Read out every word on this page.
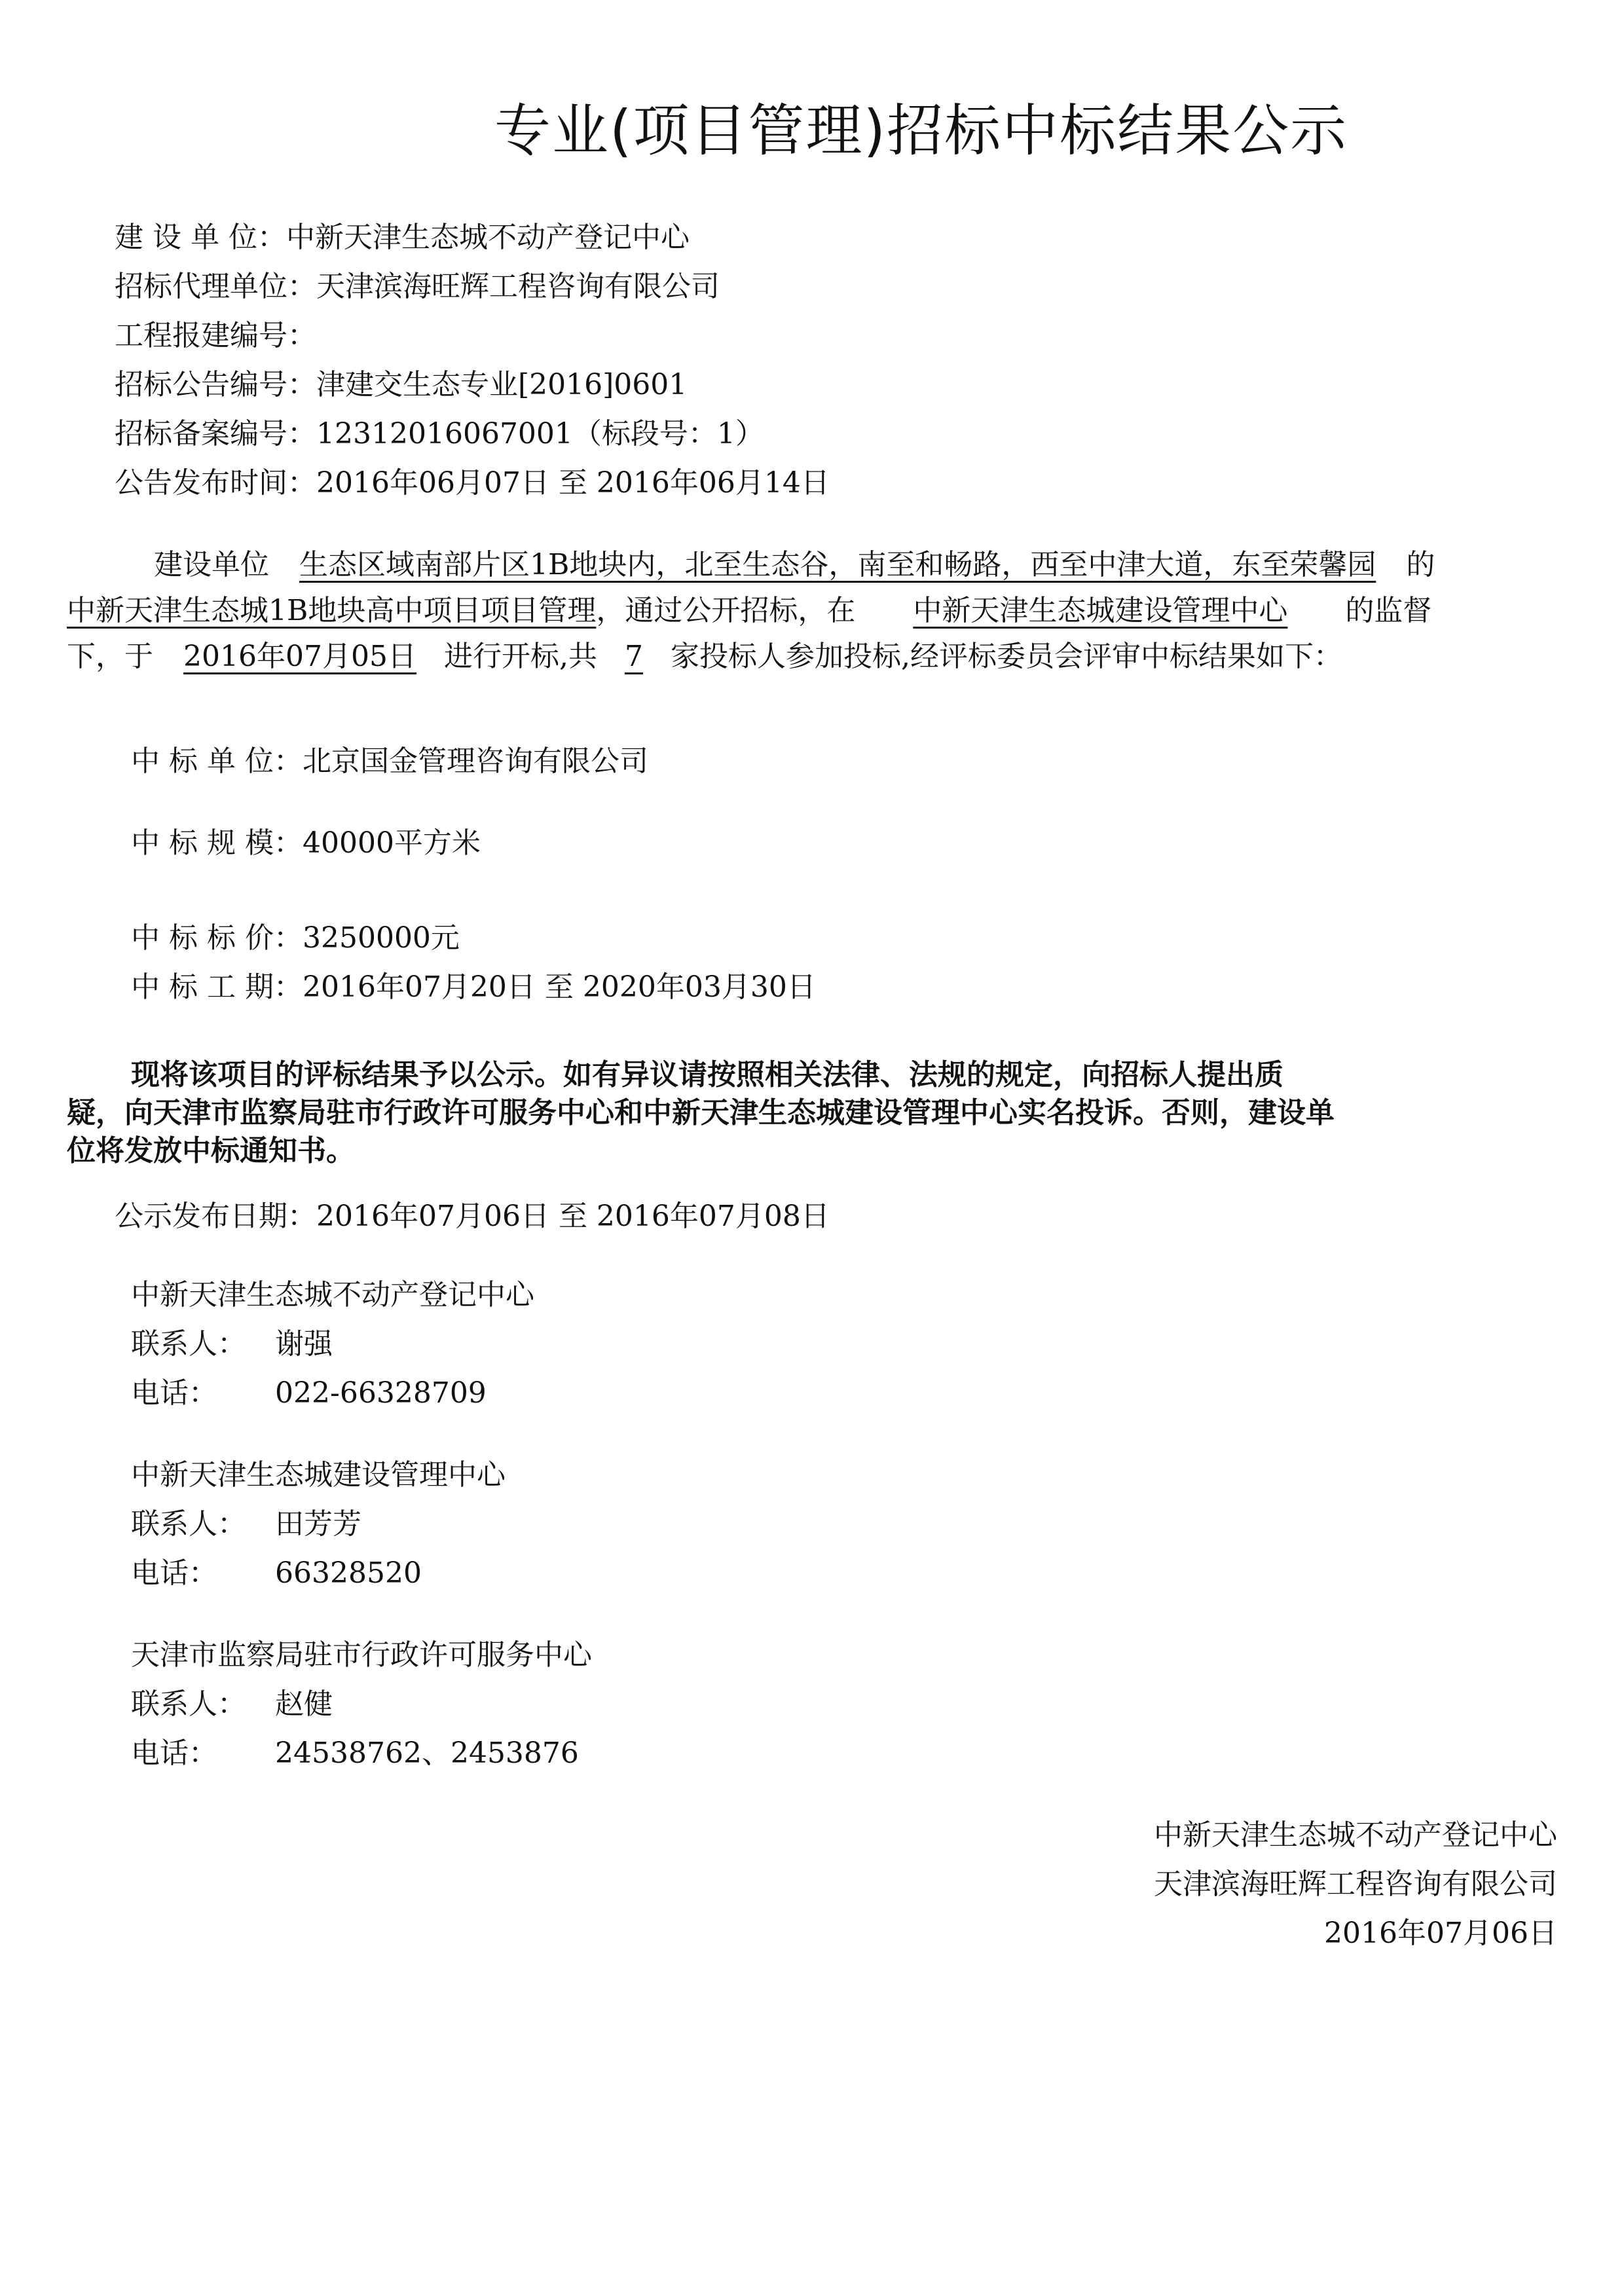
专业(项目管理)招标中标结果公示
建 设 单 位：中新天津生态城不动产登记中心
招标代理单位：天津滨海旺辉工程咨询有限公司
工程报建编号：
招标公告编号：津建交生态专业[2016]0601
招标备案编号：12312016067001（标段号：1）
公告发布时间：2016年06月07日 至 2016年06月14日
建设单位 生态区域南部片区1B地块内，北至生态谷，南至和畅路，西至中津大道，东至荣馨园 的
中新天津生态城1B地块高中项目项目管理，通过公开招标，在 中新天津生态城建设管理中心 的监督
下，于 2016年07月05日 进行开标,共 7 家投标人参加投标,经评标委员会评审中标结果如下：
中 标 单 位：北京国金管理咨询有限公司
中 标 规 模：40000平方米
中 标 标 价：3250000元
中 标 工 期：2016年07月20日 至 2020年03月30日
现将该项目的评标结果予以公示。如有异议请按照相关法律、法规的规定，向招标人提出质
疑，向天津市监察局驻市行政许可服务中心和中新天津生态城建设管理中心实名投诉。否则，建设单
位将发放中标通知书。
公示发布日期：2016年07月06日 至 2016年07月08日
中新天津生态城不动产登记中心
联系人： 谢强
电话： 022-66328709
中新天津生态城建设管理中心
联系人： 田芳芳
电话： 66328520
天津市监察局驻市行政许可服务中心
联系人： 赵健
电话： 24538762、2453876
中新天津生态城不动产登记中心
天津滨海旺辉工程咨询有限公司
2016年07月06日
